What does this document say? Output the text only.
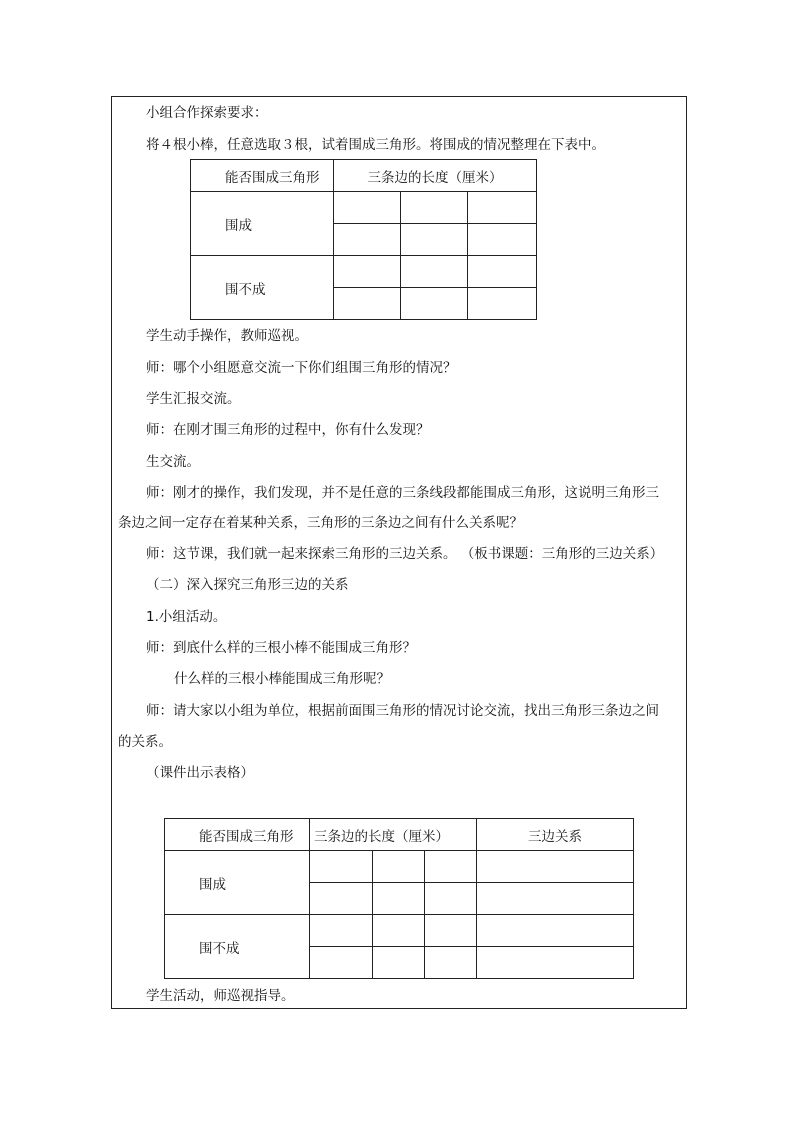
小组合作探索要求：
将４根小棒，任意选取３根，试着围成三角形。将围成的情况整理在下表中。
能否围成三角形	三条边的长度（厘米）		
围成			

围不成			

学生动手操作，教师巡视。
师：哪个小组愿意交流一下你们组围三角形的情况？
学生汇报交流。
师：在刚才围三角形的过程中，你有什么发现？
生交流。
师：刚才的操作，我们发现，并不是任意的三条线段都能围成三角形，这说明三角形三
条边之间一定存在着某种关系，三角形的三条边之间有什么关系呢？
师：这节课，我们就一起来探索三角形的三边关系。 （板书课题：三角形的三边关系）
（二）深入探究三角形三边的关系
1.小组活动。
师：到底什么样的三根小棒不能围成三角形？
什么样的三根小棒能围成三角形呢？
师：请大家以小组为单位，根据前面围三角形的情况讨论交流，找出三角形三条边之间
的关系。
（课件出示表格）
能否围成三角形	三条边的长度（厘米）			三边关系
围成				

围不成				

学生活动，师巡视指导。
